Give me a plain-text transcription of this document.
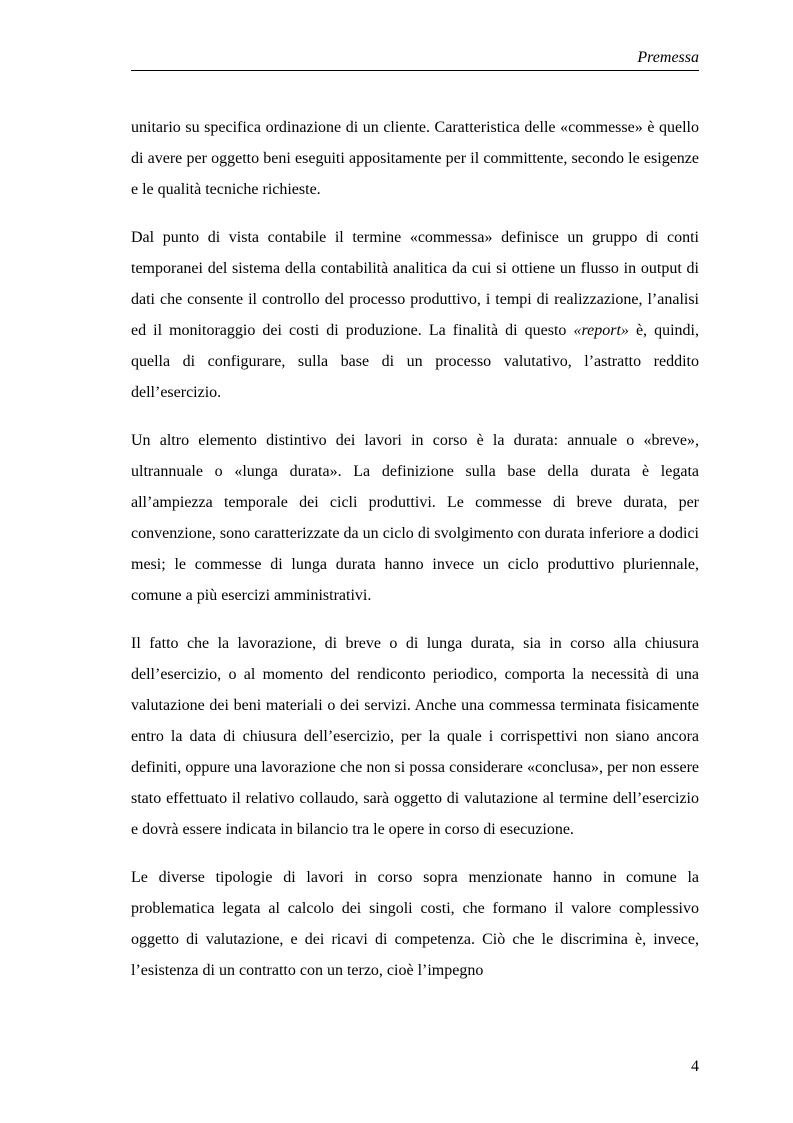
Premessa

unitario su specifica ordinazione di un cliente. Caratteristica delle «commesse» è quello di avere per oggetto beni eseguiti appositamente per il committente, secondo le esigenze e le qualità tecniche richieste.

Dal punto di vista contabile il termine «commessa» definisce un gruppo di conti temporanei del sistema della contabilità analitica da cui si ottiene un flusso in output di dati che consente il controllo del processo produttivo, i tempi di realizzazione, l’analisi ed il monitoraggio dei costi di produzione. La finalità di questo «report» è, quindi, quella di configurare, sulla base di un processo valutativo, l’astratto reddito dell’esercizio.

Un altro elemento distintivo dei lavori in corso è la durata: annuale o «breve», ultrannuale o «lunga durata». La definizione sulla base della durata è legata all’ampiezza temporale dei cicli produttivi. Le commesse di breve durata, per convenzione, sono caratterizzate da un ciclo di svolgimento con durata inferiore a dodici mesi; le commesse di lunga durata hanno invece un ciclo produttivo pluriennale, comune a più esercizi amministrativi.

Il fatto che la lavorazione, di breve o di lunga durata, sia in corso alla chiusura dell’esercizio, o al momento del rendiconto periodico, comporta la necessità di una valutazione dei beni materiali o dei servizi. Anche una commessa terminata fisicamente entro la data di chiusura dell’esercizio, per la quale i corrispettivi non siano ancora definiti, oppure una lavorazione che non si possa considerare «conclusa», per non essere stato effettuato il relativo collaudo, sarà oggetto di valutazione al termine dell’esercizio e dovrà essere indicata in bilancio tra le opere in corso di esecuzione.

Le diverse tipologie di lavori in corso sopra menzionate hanno in comune la problematica legata al calcolo dei singoli costi, che formano il valore complessivo oggetto di valutazione, e dei ricavi di competenza. Ciò che le discrimina è, invece, l’esistenza di un contratto con un terzo, cioè l’impegno

4
